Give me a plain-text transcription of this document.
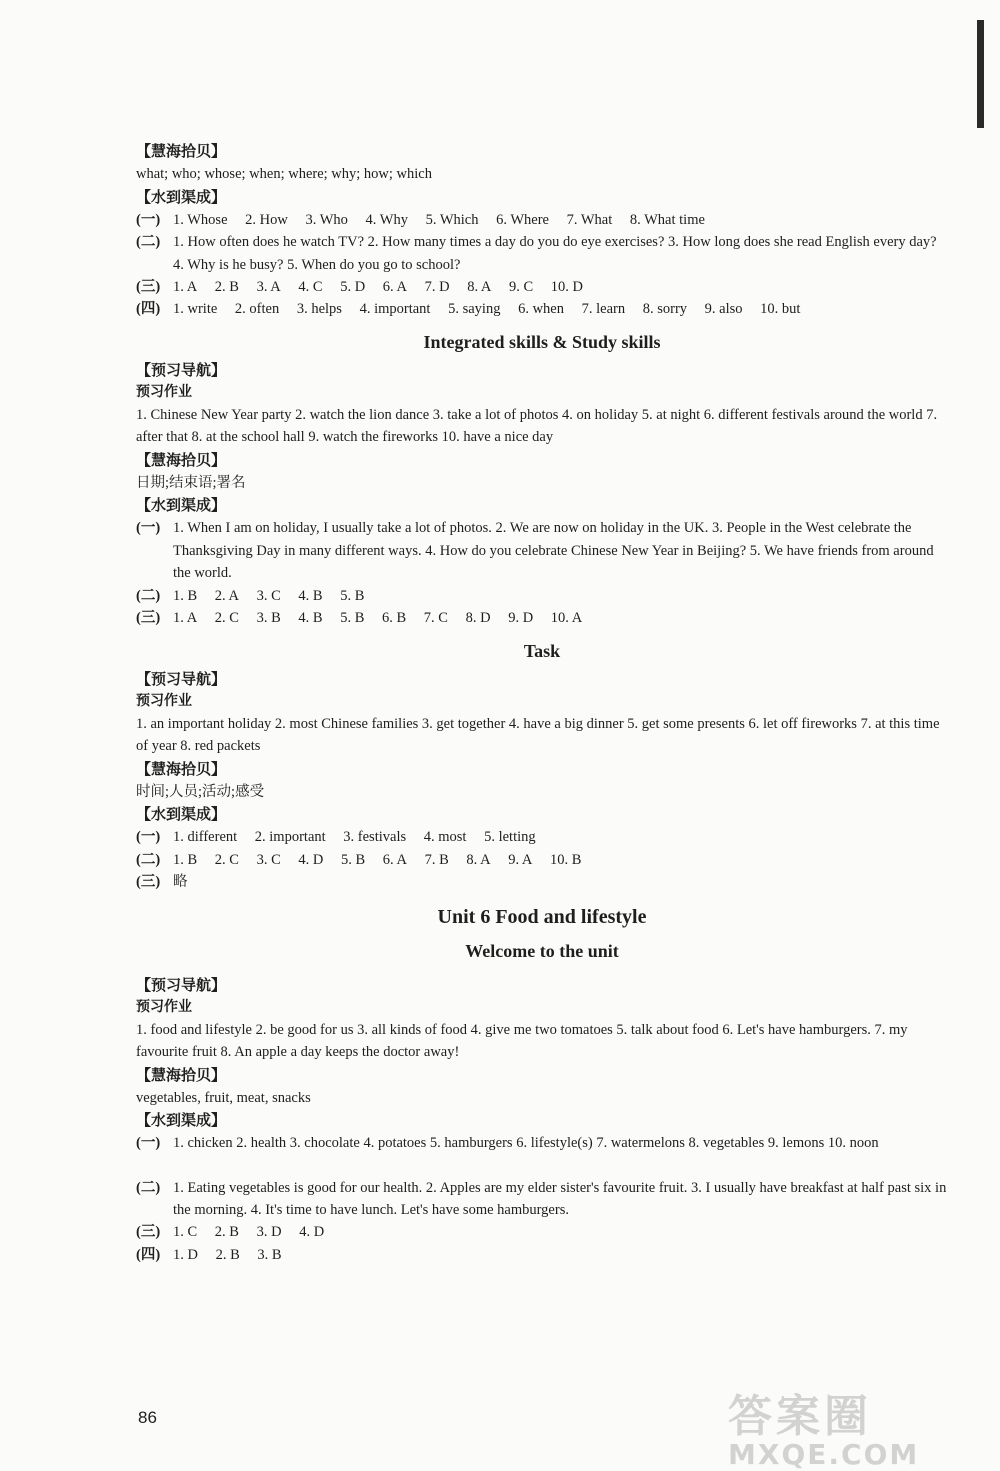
【慧海拾贝】
what; who; whose; when; where; why; how; which
【水到渠成】
(一) 1. Whose 2. How 3. Who 4. Why 5. Which 6. Where 7. What 8. What time
(二) 1. How often does he watch TV? 2. How many times a day do you do eye exercises? 3. How long does she read English every day? 4. Why is he busy? 5. When do you go to school?
(三) 1. A 2. B 3. A 4. C 5. D 6. A 7. D 8. A 9. C 10. D
(四) 1. write 2. often 3. helps 4. important 5. saying 6. when 7. learn 8. sorry 9. also 10. but
Integrated skills & Study skills
【预习导航】
预习作业
1. Chinese New Year party 2. watch the lion dance 3. take a lot of photos 4. on holiday 5. at night 6. different festivals around the world 7. after that 8. at the school hall 9. watch the fireworks 10. have a nice day
【慧海拾贝】
日期;结束语;署名
【水到渠成】
(一) 1. When I am on holiday, I usually take a lot of photos. 2. We are now on holiday in the UK. 3. People in the West celebrate the Thanksgiving Day in many different ways. 4. How do you celebrate Chinese New Year in Beijing? 5. We have friends from around the world.
(二) 1. B 2. A 3. C 4. B 5. B
(三) 1. A 2. C 3. B 4. B 5. B 6. B 7. C 8. D 9. D 10. A
Task
【预习导航】
预习作业
1. an important holiday 2. most Chinese families 3. get together 4. have a big dinner 5. get some presents 6. let off fireworks 7. at this time of year 8. red packets
【慧海拾贝】
时间;人员;活动;感受
【水到渠成】
(一) 1. different 2. important 3. festivals 4. most 5. letting
(二) 1. B 2. C 3. C 4. D 5. B 6. A 7. B 8. A 9. A 10. B
(三) 略
Unit 6 Food and lifestyle
Welcome to the unit
【预习导航】
预习作业
1. food and lifestyle 2. be good for us 3. all kinds of food 4. give me two tomatoes 5. talk about food 6. Let's have hamburgers. 7. my favourite fruit 8. An apple a day keeps the doctor away!
【慧海拾贝】
vegetables, fruit, meat, snacks
【水到渠成】
(一) 1. chicken 2. health 3. chocolate 4. potatoes 5. hamburgers 6. lifestyle(s) 7. watermelons 8. vegetables 9. lemons 10. noon
(二) 1. Eating vegetables is good for our health. 2. Apples are my elder sister's favourite fruit. 3. I usually have breakfast at half past six in the morning. 4. It's time to have lunch. Let's have some hamburgers.
(三) 1. C 2. B 3. D 4. D
(四) 1. D 2. B 3. B
86	答案圈
MXQE.COM
